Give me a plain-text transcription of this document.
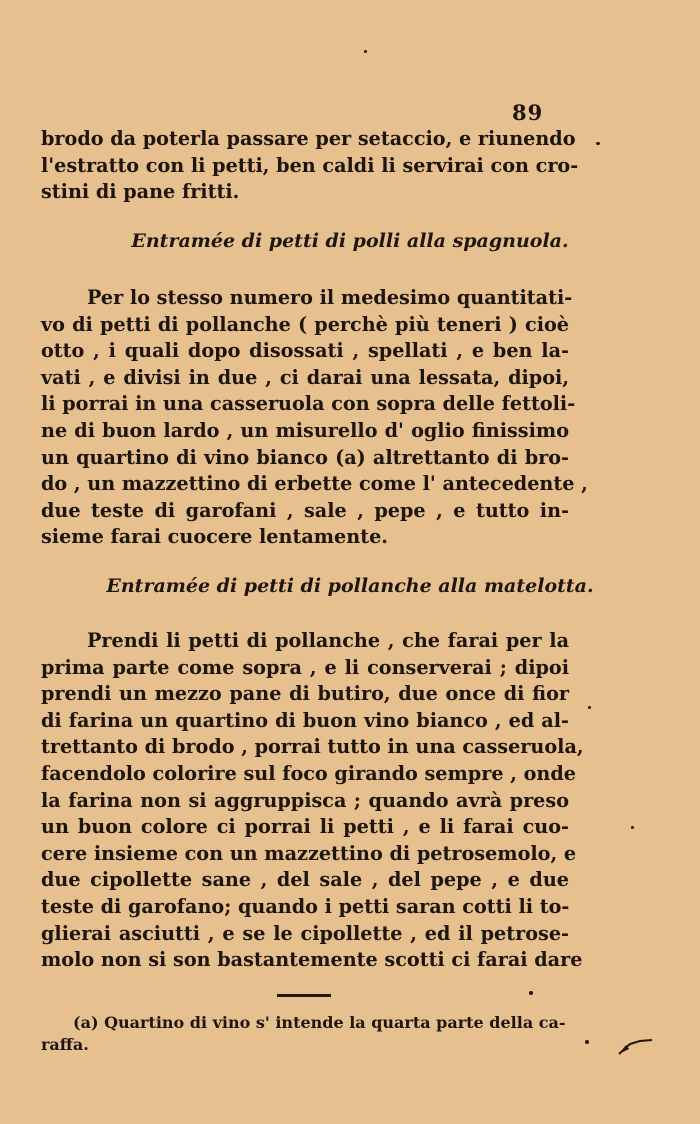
89

brodo da poterla passare per setaccio, e riunendo
l'estratto con li petti, ben caldi li servirai con cro-
stini di pane fritti.

Entramée di petti di polli alla spagnuola.

Per lo stesso numero il medesimo quantitati-
vo di petti di pollanche ( perchè più teneri ) cioè
otto , i quali dopo disossati , spellati , e ben la-
vati , e divisi in due , ci darai una lessata, dipoi,
li porrai in una casseruola con sopra delle fettoli-
ne di buon lardo , un misurello d' oglio finissimo
un quartino di vino bianco (a) altrettanto di bro-
do , un mazzettino di erbette come l' antecedente ,
due teste di garofani , sale , pepe , e tutto in-
sieme farai cuocere lentamente.

Entramée di petti di pollanche alla matelotta.

Prendi li petti di pollanche , che farai per la
prima parte come sopra , e li conserverai ; dipoi
prendi un mezzo pane di butiro, due once di fior
di farina un quartino di buon vino bianco , ed al-
trettanto di brodo , porrai tutto in una casseruola,
facendolo colorire sul foco girando sempre , onde
la farina non si aggruppisca ; quando avrà preso
un buon colore ci porrai li petti , e li farai cuo-
cere insieme con un mazzettino di petrosemolo, e
due cipollette sane , del sale , del pepe , e due
teste di garofano; quando i petti saran cotti li to-
glierai asciutti , e se le cipollette , ed il petrose-
molo non si son bastantemente scotti ci farai dare

(a) Quartino di vino s' intende la quarta parte della ca-
raffa.
